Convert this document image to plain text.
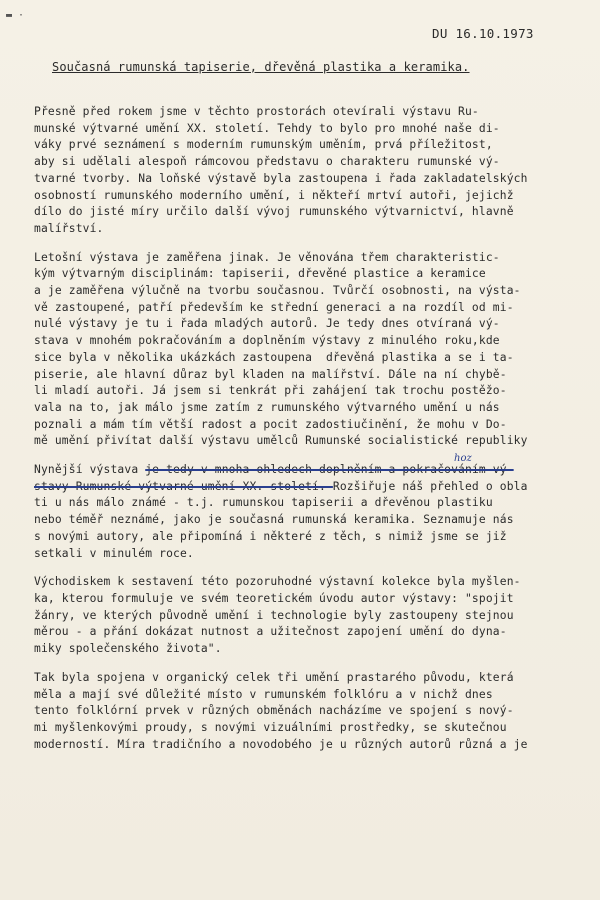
▬ ·
DU 16.10.1973
Současná rumunská tapiserie, dřevěná plastika a keramika.
Přesně před rokem jsme v těchto prostorách otevírali výstavu Ru-
munské výtvarné umění XX. století. Tehdy to bylo pro mnohé naše di-
váky prvé seznámení s moderním rumunským uměním, prvá příležitost,
aby si udělali alespoň rámcovou představu o charakteru rumunské vý-
tvarné tvorby. Na loňské výstavě byla zastoupena i řada zakladatelských
osobností rumunského moderního umění, i někteří mrtví autoři, jejichž
dílo do jisté míry určilo další vývoj rumunského výtvarnictví, hlavně
malířství.
Letošní výstava je zaměřena jinak. Je věnována třem charakteristic-
kým výtvarným disciplinám: tapiserii, dřevěné plastice a keramice
a je zaměřena výlučně na tvorbu současnou. Tvůrčí osobnosti, na výsta-
vě zastoupené, patří především ke střední generaci a na rozdíl od mi-
nulé výstavy je tu i řada mladých autorů. Je tedy dnes otvíraná vý-
stava v mnohém pokračováním a doplněním výstavy z minulého roku,kde
sice byla v několika ukázkách zastoupena  dřevěná plastika a se i ta-
piserie, ale hlavní důraz byl kladen na malířství. Dále na ní chybě-
li mladí autoři. Já jsem si tenkrát při zahájení tak trochu postěžo-
vala na to, jak málo jsme zatím z rumunského výtvarného umění u nás
poznali a mám tím větší radost a pocit zadostiučinění, že mohu v Do-
mě umění přivítat další výstavu umělců Rumunské socialistické republiky
Nynější výstava je tedy v mnoha ohledech doplněním a pokračováním vý-
stavy Rumunské výtvarné umění XX. století. Rozšiřuje náš přehled o obla
ti u nás málo známé - t.j. rumunskou tapiserii a dřevěnou plastiku
nebo téměř neznámé, jako je současná rumunská keramika. Seznamuje nás
s novými autory, ale připomíná i některé z těch, s nimiž jsme se již
setkali v minulém roce.
hoz
Východiskem k sestavení této pozoruhodné výstavní kolekce byla myšlen-
ka, kterou formuluje ve svém teoretickém úvodu autor výstavy: "spojit
žánry, ve kterých původně umění i technologie byly zastoupeny stejnou
měrou - a přání dokázat nutnost a užitečnost zapojení umění do dyna-
miky společenského života".
Tak byla spojena v organický celek tři umění prastarého původu, která
měla a mají své důležité místo v rumunském folklóru a v nichž dnes
tento folklórní prvek v různých obměnách nacházíme ve spojení s nový-
mi myšlenkovými proudy, s novými vizuálními prostředky, se skutečnou
moderností. Míra tradičního a novodobého je u různých autorů různá a je
